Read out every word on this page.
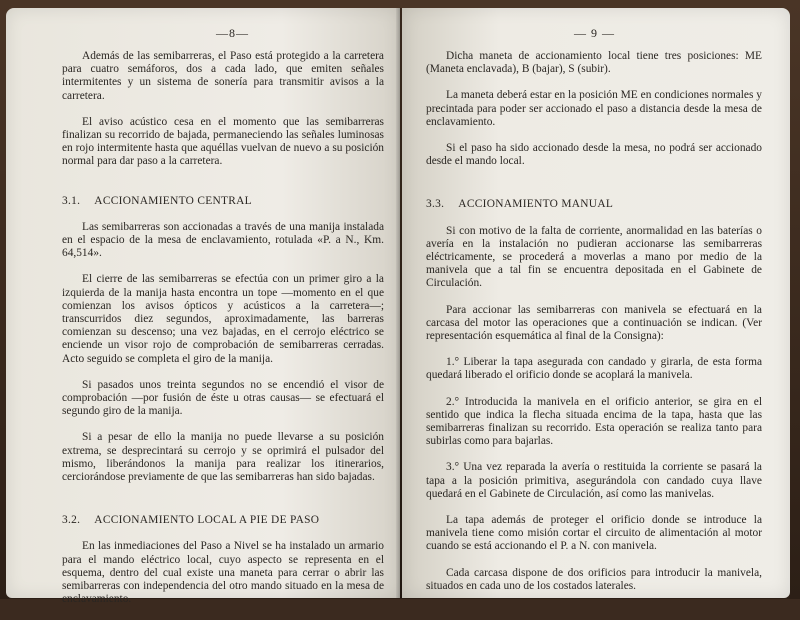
—8—

Además de las semibarreras, el Paso está protegido a la carretera para cuatro semáforos, dos a cada lado, que emiten señales intermitentes y un sistema de sonería para transmitir avisos a la carretera.

El aviso acústico cesa en el momento que las semibarreras finalizan su recorrido de bajada, permaneciendo las señales luminosas en rojo intermitente hasta que aquéllas vuelvan de nuevo a su posición normal para dar paso a la carretera.

3.1. ACCIONAMIENTO CENTRAL

Las semibarreras son accionadas a través de una manija instalada en el espacio de la mesa de enclavamiento, rotulada «P. a N., Km. 64,514».

El cierre de las semibarreras se efectúa con un primer giro a la izquierda de la manija hasta encontra un tope —momento en el que comienzan los avisos ópticos y acústicos a la carretera—; transcurridos diez segundos, aproximadamente, las barreras comienzan su descenso; una vez bajadas, en el cerrojo eléctrico se enciende un visor rojo de comprobación de semibarreras cerradas. Acto seguido se completa el giro de la manija.

Si pasados unos treinta segundos no se encendió el visor de comprobación —por fusión de éste u otras causas— se efectuará el segundo giro de la manija.

Si a pesar de ello la manija no puede llevarse a su posición extrema, se desprecintará su cerrojo y se oprimirá el pulsador del mismo, liberándonos la manija para realizar los itinerarios, cerciorándose previamente de que las semibarreras han sido bajadas.

3.2. ACCIONAMIENTO LOCAL A PIE DE PASO

En las inmediaciones del Paso a Nivel se ha instalado un armario para el mando eléctrico local, cuyo aspecto se representa en el esquema, dentro del cual existe una maneta para cerrar o abrir las semibarreras con independencia del otro mando situado en la mesa de enclavamiento.

— 9 —

Dicha maneta de accionamiento local tiene tres posiciones: ME (Maneta enclavada), B (bajar), S (subir).

La maneta deberá estar en la posición ME en condiciones normales y precintada para poder ser accionado el paso a distancia desde la mesa de enclavamiento.

Si el paso ha sido accionado desde la mesa, no podrá ser accionado desde el mando local.

3.3. ACCIONAMIENTO MANUAL

Si con motivo de la falta de corriente, anormalidad en las baterías o avería en la instalación no pudieran accionarse las semibarreras eléctricamente, se procederá a moverlas a mano por medio de la manivela que a tal fin se encuentra depositada en el Gabinete de Circulación.

Para accionar las semibarreras con manivela se efectuará en la carcasa del motor las operaciones que a continuación se indican. (Ver representación esquemática al final de la Consigna):

1.° Liberar la tapa asegurada con candado y girarla, de esta forma quedará liberado el orificio donde se acoplará la manivela.

2.° Introducida la manivela en el orificio anterior, se gira en el sentido que indica la flecha situada encima de la tapa, hasta que las semibarreras finalizan su recorrido. Esta operación se realiza tanto para subirlas como para bajarlas.

3.° Una vez reparada la avería o restituida la corriente se pasará la tapa a la posición primitiva, asegurándola con candado cuya llave quedará en el Gabinete de Circulación, así como las manivelas.

La tapa además de proteger el orificio donde se introduce la manivela tiene como misión cortar el circuito de alimentación al motor cuando se está accionando el P. a N. con manivela.

Cada carcasa dispone de dos orificios para introducir la manivela, situados en cada uno de los costados laterales.
